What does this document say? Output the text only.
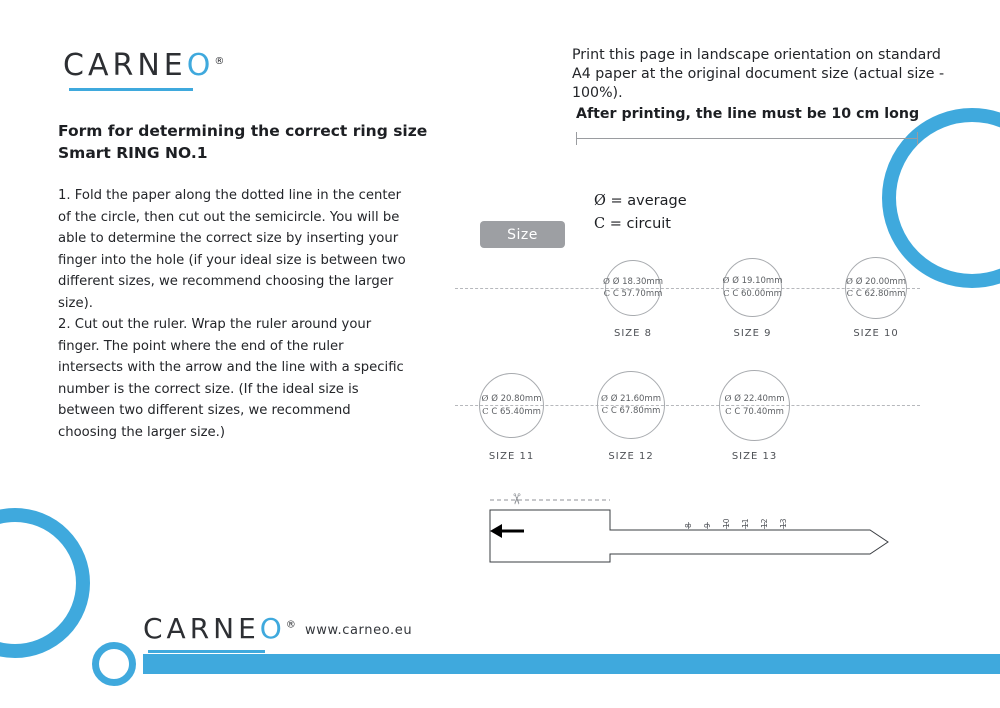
CARNEO®
Form for determining the correct ring size
Smart RING NO.1
1. Fold the paper along the dotted line in the center of the circle, then cut out the semicircle. You will be able to determine the correct size by inserting your finger into the hole (if your ideal size is between two different sizes, we recommend choosing the larger size).
2. Cut out the ruler. Wrap the ruler around your finger. The point where the end of the ruler intersects with the arrow and the line with a specific number is the correct size. (If the ideal size is between two different sizes, we recommend choosing the larger size.)
Print this page in landscape orientation on standard A4 paper at the original document size (actual size - 100%).
After printing, the line must be 10 cm long
Ø = average
C = circuit
Size
Ø Ø 18.30mm
C C 57.70mm
SIZE 8
Ø Ø 19.10mm
C C 60.00mm
SIZE 9
Ø Ø 20.00mm
C C 62.80mm
SIZE 10
Ø Ø 20.80mm
C C 65.40mm
SIZE 11
Ø Ø 21.60mm
C C 67.80mm
SIZE 12
Ø Ø 22.40mm
C C 70.40mm
SIZE 13
✂
8 9 10 11 12 13
CARNEO® www.carneo.eu
